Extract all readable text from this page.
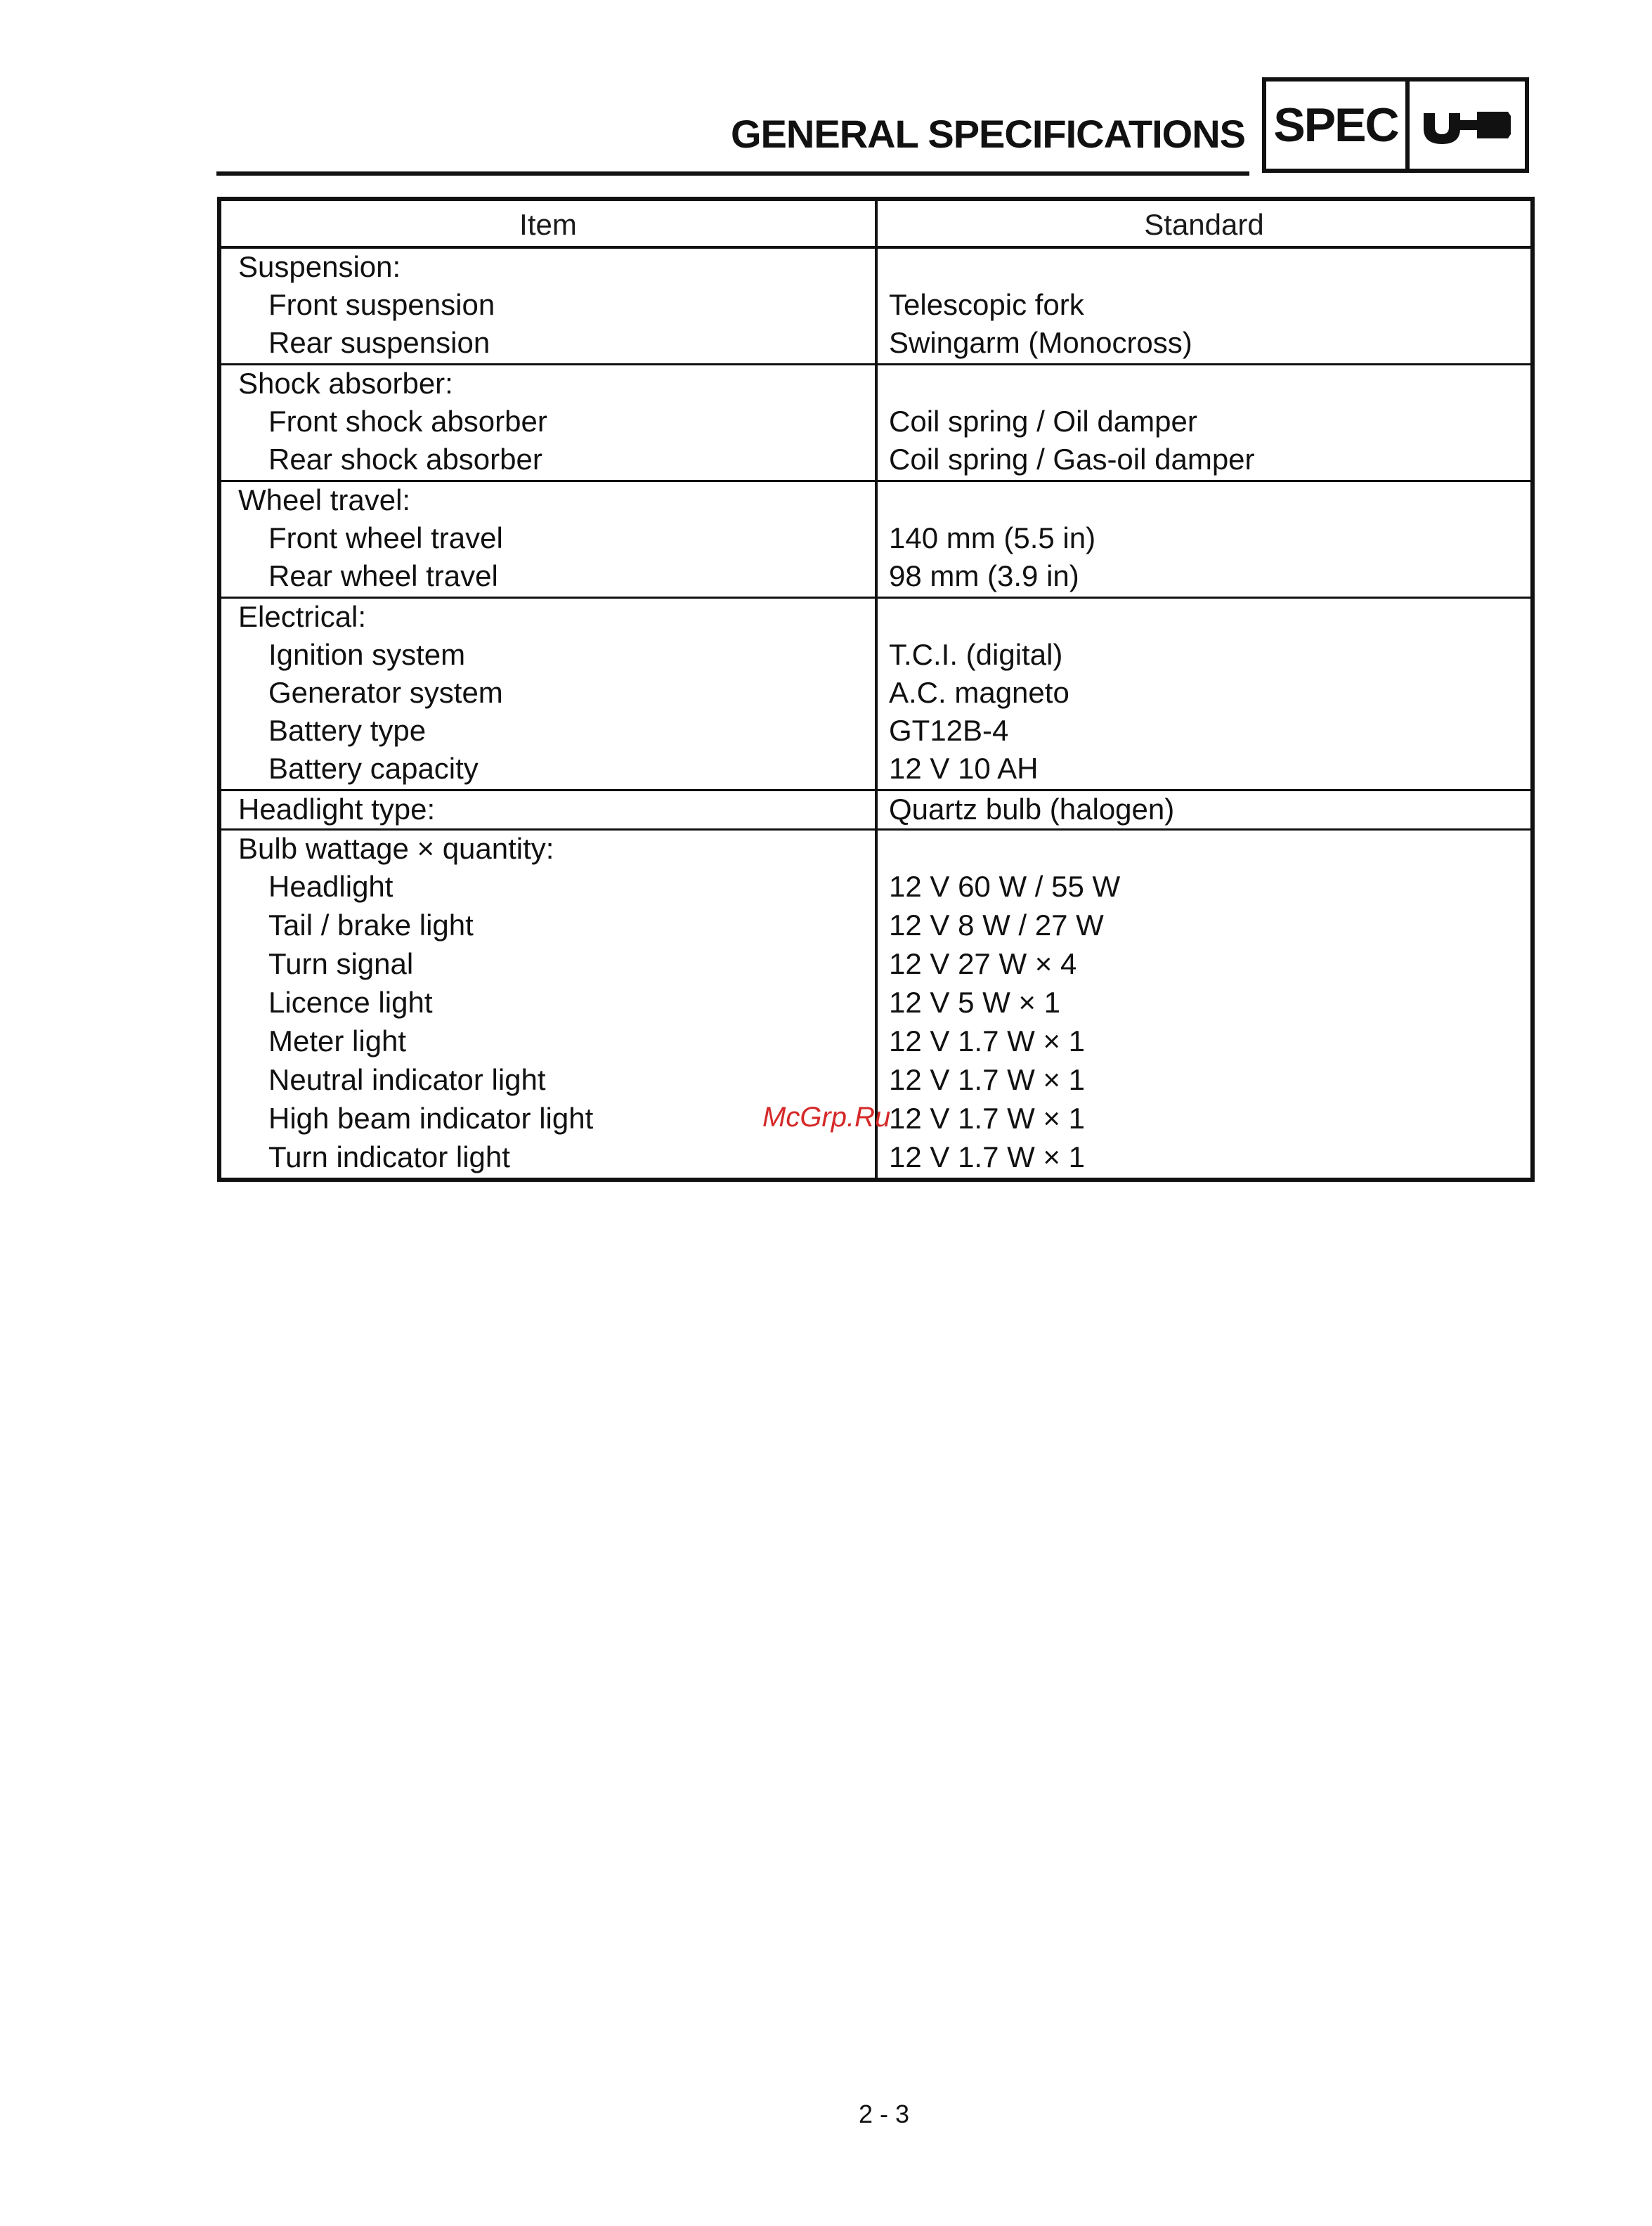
GENERAL SPECIFICATIONS SPEC
Item	Standard
Suspension:
Front suspension	Telescopic fork
Rear suspension	Swingarm (Monocross)
Shock absorber:
Front shock absorber	Coil spring / Oil damper
Rear shock absorber	Coil spring / Gas-oil damper
Wheel travel:
Front wheel travel	140 mm (5.5 in)
Rear wheel travel	98 mm (3.9 in)
Electrical:
Ignition system	T.C.I. (digital)
Generator system	A.C. magneto
Battery type	GT12B-4
Battery capacity	12 V 10 AH
Headlight type:	Quartz bulb (halogen)
Bulb wattage × quantity:
Headlight	12 V 60 W / 55 W
Tail / brake light	12 V 8 W / 27 W
Turn signal	12 V 27 W × 4
Licence light	12 V 5 W × 1
Meter light	12 V 1.7 W × 1
Neutral indicator light	12 V 1.7 W × 1
High beam indicator light	12 V 1.7 W × 1
Turn indicator light	12 V 1.7 W × 1
McGrp.Ru
2 - 3
